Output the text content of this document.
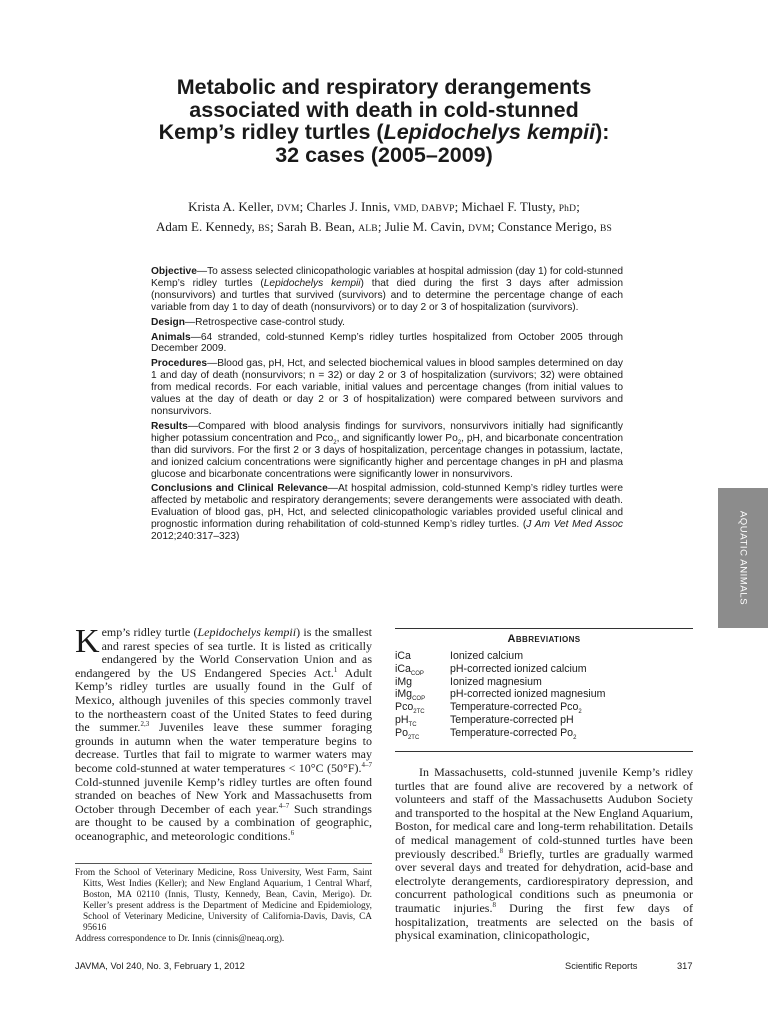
Metabolic and respiratory derangements
associated with death in cold-stunned
Kemp’s ridley turtles (Lepidochelys kempii):
32 cases (2005–2009)
Krista A. Keller, DVM; Charles J. Innis, VMD, DABVP; Michael F. Tlusty, PhD;
Adam E. Kennedy, BS; Sarah B. Bean, ALB; Julie M. Cavin, DVM; Constance Merigo, BS

Objective—To assess selected clinicopathologic variables at hospital admission (day 1) for cold-stunned Kemp’s ridley turtles (Lepidochelys kempii) that died during the first 3 days after admission (nonsurvivors) and turtles that survived (survivors) and to determine the percentage change of each variable from day 1 to day of death (nonsurvivors) or to day 2 or 3 of hospitalization (survivors).

Design—Retrospective case-control study.

Animals—64 stranded, cold-stunned Kemp’s ridley turtles hospitalized from October 2005 through December 2009.

Procedures—Blood gas, pH, Hct, and selected biochemical values in blood samples determined on day 1 and day of death (nonsurvivors; n = 32) or day 2 or 3 of hospitalization (survivors; 32) were obtained from medical records. For each variable, initial values and percentage changes (from initial values to values at the day of death or day 2 or 3 of hospitalization) were compared between survivors and nonsurvivors.

Results—Compared with blood analysis findings for survivors, nonsurvivors initially had significantly higher potassium concentration and Pco$_2$, and significantly lower $Po_2$, pH, and bicarbonate concentration than did survivors. For the first 2 or 3 days of hospitalization, percentage changes in potassium, lactate, and ionized calcium concentrations were significantly higher and percentage changes in pH and plasma glucose and bicarbonate concentrations were significantly lower in nonsurvivors.

Conclusions and Clinical Relevance—At hospital admission, cold-stunned Kemp’s ridley turtles were affected by metabolic and respiratory derangements; severe derangements were associated with death. Evaluation of blood gas, pH, Hct, and selected clinicopathologic variables provided useful clinical and prognostic information during rehabilitation of cold-stunned Kemp’s ridley turtles. (J Am Vet Med Assoc 2012;240:317–323)	AQUATIC ANIMALS

Kemp’s ridley turtle (Lepidochelys kempii) is the smallest and rarest species of sea turtle. It is listed as critically endangered by the World Conservation Union and as endangered by the US Endangered Species Act.$^1$ Adult Kemp’s ridley turtles are usually found in the Gulf of Mexico, although juveniles of this species commonly travel to the northeastern coast of the United States to feed during the summer.$^{2,3}$ Juveniles leave these summer foraging grounds in autumn when the water temperature begins to decrease. Turtles that fail to migrate to warmer waters may become cold-stunned at water temperatures < 10°C (50°F).$^{4-7}$ Cold-stunned juvenile Kemp’s ridley turtles are often found stranded on beaches of New York and Massachusetts from October through December of each year.$^{4-7}$ Such strandings are thought to be caused by a combination of geographic, oceanographic, and meteorologic conditions.$^6$

From the School of Veterinary Medicine, Ross University, West Farm, Saint Kitts, West Indies (Keller); and New England Aquarium, 1 Central Wharf, Boston, MA 02110 (Innis, Tlusty, Kennedy, Bean, Cavin, Merigo). Dr. Keller’s present address is the Department of Medicine and Epidemiology, School of Veterinary Medicine, University of California-Davis, Davis, CA 95616

Address correspondence to Dr. Innis (cinnis@neaq.org).

Abbreviations
iCa	Ionized calcium
iCa$_{COP}$	pH-corrected ionized calcium
iMg	Ionized magnesium
iMg$_{COP}$	pH-corrected ionized magnesium
Pco$_{2TC}$	Temperature-corrected Pco$_2$
$pH_{TC}$	Temperature-corrected pH
$Po_{2TC}$	Temperature-corrected $Po_2$

In Massachusetts, cold-stunned juvenile Kemp’s ridley turtles that are found alive are recovered by a network of volunteers and staff of the Massachusetts Audubon Society and transported to the hospital at the New England Aquarium, Boston, for medical care and long-term rehabilitation. Details of medical management of cold-stunned turtles have been previously described.$^8$ Briefly, turtles are gradually warmed over several days and treated for dehydration, acid-base and electrolyte derangements, cardiorespiratory depression, and concurrent pathological conditions such as pneumonia or traumatic injuries.$^8$ During the first few days of hospitalization, treatments are selected on the basis of physical examination, clinicopathologic,

JAVMA, Vol 240, No. 3, February 1, 2012	Scientific Reports	317
